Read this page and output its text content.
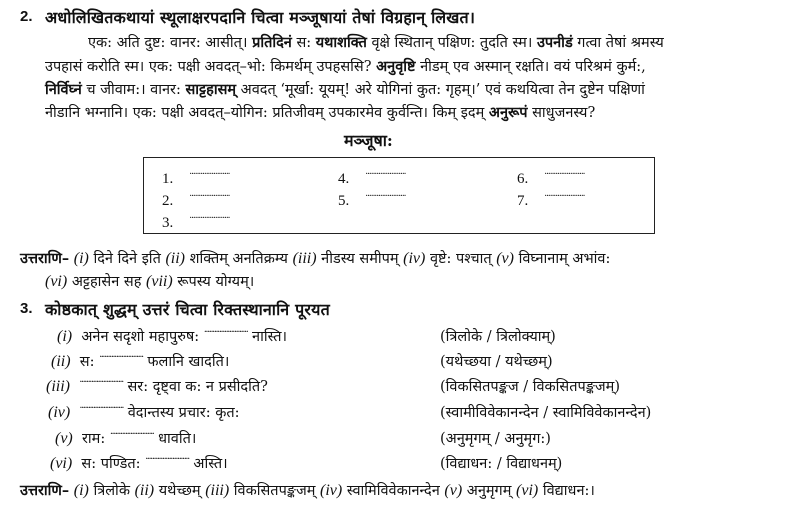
2. अधोलिखितकथायां स्थूलाक्षरपदानि चित्वा मञ्जूषायां तेषां विग्रहान् लिखत।
एक: अति दुष्ट: वानर: आसीत्। प्रतिदिनं स: यथाशक्ति वृक्षे स्थितान् पक्षिण: तुदति स्म। उपनीडं गत्वा तेषां श्रमस्य
उपहासं करोति स्म। एक: पक्षी अवदत्–भो: किमर्थम् उपहससि? अनुवृष्टि नीडम् एव अस्मान् रक्षति। वयं परिश्रमं कुर्म:,
निर्विघ्नं च जीवाम:। वानर: साट्टहासम् अवदत् ‘मूर्खा: यूयम्! अरे योगिनां कुत: गृहम्।’ एवं कथयित्वा तेन दुष्टेन पक्षिणां
नीडानि भग्नानि। एक: पक्षी अवदत्–योगिन: प्रतिजीवम् उपकारमेव कुर्वन्ति। किम् इदम् अनुरूपं साधुजनस्य?
मञ्जूषा:
1. ······················
2. ······················
3. ······················
4. ······················
5. ······················
6. ······················
7. ······················
उत्तराणि– (i) दिने दिने इति (ii) शक्तिम् अनतिक्रम्य (iii) नीडस्य समीपम् (iv) वृष्टे: पश्चात् (v) विघ्नानाम् अभांव:
(vi) अट्टहासेन सह (vii) रूपस्य योग्यम्।
3. कोष्ठकात् शुद्धम् उत्तरं चित्वा रिक्तस्थानानि पूरयत
(i) अनेन सदृशो महापुरुष: ·························· नास्ति।	(त्रिलोके / त्रिलोक्याम्)
(ii) स: ·························· फलानि खादति।	(यथेच्छया / यथेच्छम्)
(iii) ·························· सर: दृष्ट्वा क: न प्रसीदति?	(विकसितपङ्कज / विकसितपङ्कजम्)
(iv) ·························· वेदान्तस्य प्रचार: कृत:	(स्वामीविवेकानन्देन / स्वामिविवेकानन्देन)
(v) राम: ·························· धावति।	(अनुमृगम् / अनुमृग:)
(vi) स: पण्डित: ·························· अस्ति।	(विद्याधन: / विद्याधनम्)
उत्तराणि– (i) त्रिलोके (ii) यथेच्छम् (iii) विकसितपङ्कजम् (iv) स्वामिविवेकानन्देन (v) अनुमृगम् (vi) विद्याधन:।
